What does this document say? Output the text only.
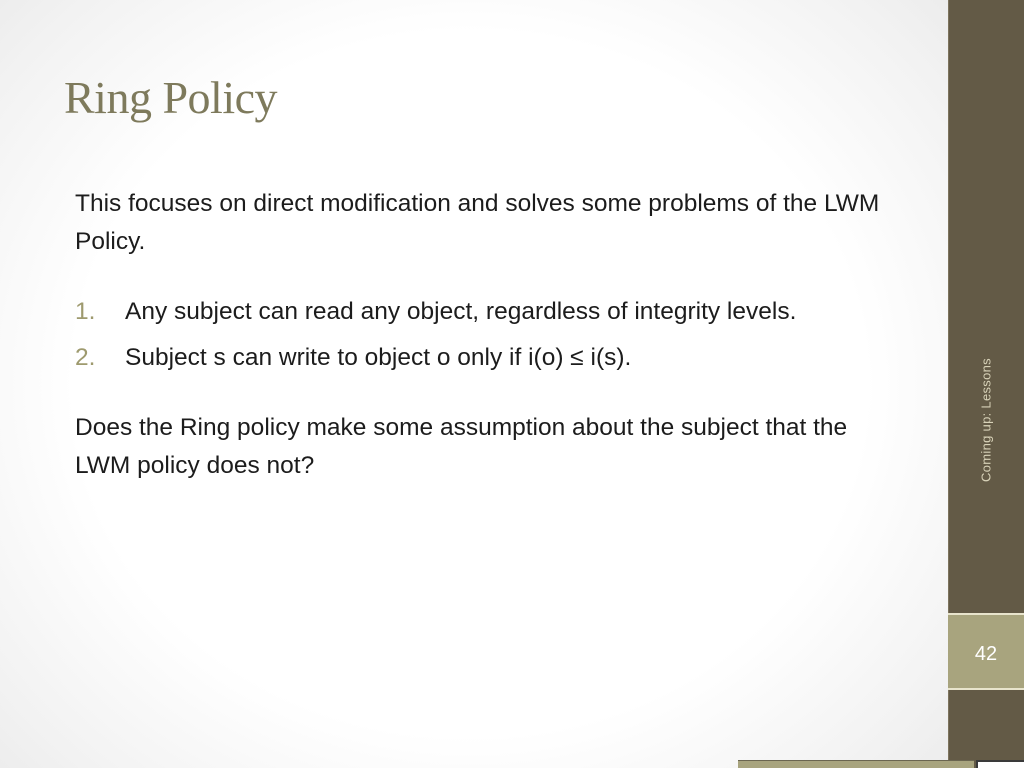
Ring Policy

This focuses on direct modification and solves some problems of the LWM Policy.

1. Any subject can read any object, regardless of integrity levels.
2. Subject s can write to object o only if i(o) ≤ i(s).

Does the Ring policy make some assumption about the subject that the LWM policy does not?	Coming up: Lessons
42
